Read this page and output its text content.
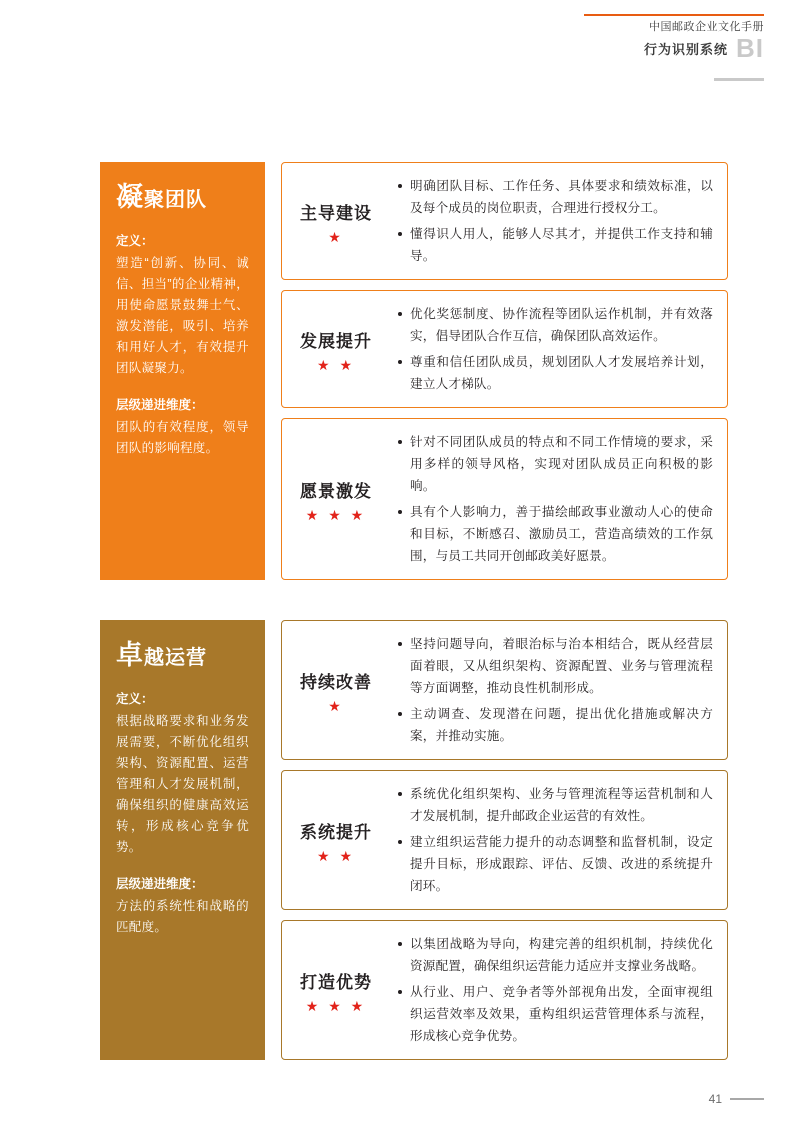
中国邮政企业文化手册
行为识别系统 BI
凝聚团队
定义：
塑造“创新、协同、诚信、担当”的企业精神，用使命愿景鼓舞士气、激发潜能，吸引、培养和用好人才，有效提升团队凝聚力。
层级递进维度：
团队的有效程度，领导团队的影响程度。
主导建设
★
明确团队目标、工作任务、具体要求和绩效标准，以及每个成员的岗位职责，合理进行授权分工。
懂得识人用人，能够人尽其才，并提供工作支持和辅导。
发展提升
★ ★
优化奖惩制度、协作流程等团队运作机制，并有效落实，倡导团队合作互信，确保团队高效运作。
尊重和信任团队成员，规划团队人才发展培养计划，建立人才梯队。
愿景激发
★ ★ ★
针对不同团队成员的特点和不同工作情境的要求，采用多样的领导风格，实现对团队成员正向积极的影响。
具有个人影响力，善于描绘邮政事业激动人心的使命和目标，不断感召、激励员工，营造高绩效的工作氛围，与员工共同开创邮政美好愿景。
卓越运营
定义：
根据战略要求和业务发展需要，不断优化组织架构、资源配置、运营管理和人才发展机制，确保组织的健康高效运转，形成核心竞争优势。
层级递进维度：
方法的系统性和战略的匹配度。
持续改善
★
坚持问题导向，着眼治标与治本相结合，既从经营层面着眼，又从组织架构、资源配置、业务与管理流程等方面调整，推动良性机制形成。
主动调查、发现潜在问题，提出优化措施或解决方案，并推动实施。
系统提升
★ ★
系统优化组织架构、业务与管理流程等运营机制和人才发展机制，提升邮政企业运营的有效性。
建立组织运营能力提升的动态调整和监督机制，设定提升目标，形成跟踪、评估、反馈、改进的系统提升闭环。
打造优势
★ ★ ★
以集团战略为导向，构建完善的组织机制，持续优化资源配置，确保组织运营能力适应并支撑业务战略。
从行业、用户、竞争者等外部视角出发，全面审视组织运营效率及效果，重构组织运营管理体系与流程，形成核心竞争优势。
41
